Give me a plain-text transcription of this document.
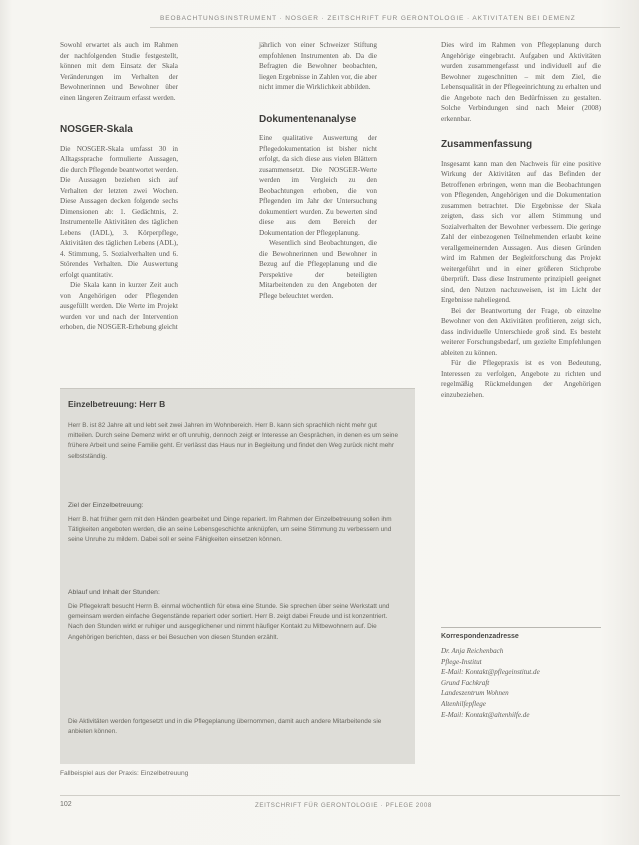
BEOBACHTUNGSINSTRUMENT · NOSGER · ZEITSCHRIFT FÜR GERONTOLOGIE · AKTIVITÄTEN BEI DEMENZ

Sowohl erwartet als auch im Rahmen der nachfolgenden Studie festgestellt, können mit dem Einsatz der Skala Veränderungen im Verhalten der Bewohnerinnen und Bewohner über einen längeren Zeitraum erfasst werden.

NOSGER-Skala

Die NOSGER-Skala umfasst 30 in Alltagssprache formulierte Aussagen, die durch Pflegende beantwortet werden. Die Aussagen beziehen sich auf Verhalten der letzten zwei Wochen. Diese Aussagen decken folgende sechs Dimensionen ab: 1. Gedächtnis, 2. Instrumentelle Aktivitäten des täglichen Lebens (IADL), 3. Körperpflege, Aktivitäten des täglichen Lebens (ADL), 4. Stimmung, 5. Sozialverhalten und 6. Störendes Verhalten. Die Auswertung erfolgt quantitativ.

Die Skala kann in kurzer Zeit auch von Angehörigen oder Pflegenden ausgefüllt werden. Die Werte im Projekt wurden vor und nach der Intervention erhoben, die NOSGER-Erhebung gleicht

jährlich von einer Schweizer Stiftung empfohlenen Instrumenten ab. Da die Befragten die Bewohner beobachten, liegen Ergebnisse in Zahlen vor, die aber nicht immer die Wirklichkeit abbilden.

Dokumentenanalyse

Eine qualitative Auswertung der Pflegedokumentation ist bisher nicht erfolgt, da sich diese aus vielen Blättern zusammensetzt. Die NOSGER-Werte werden im Vergleich zu den Beobachtungen erhoben, die von Pflegenden im Jahr der Untersuchung dokumentiert wurden. Zu bewerten sind diese aus dem Bereich der Dokumentation der Pflegeplanung.

Wesentlich sind Beobachtungen, die die Bewohnerinnen und Bewohner in Bezug auf die Pflegeplanung und die Perspektive der beteiligten Mitarbeitenden zu den Angeboten der Pflege beleuchtet werden.

Dies wird im Rahmen von Pflegeplanung durch Angehörige eingebracht. Aufgaben und Aktivitäten wurden zusammengefasst und individuell auf die Bewohner zugeschnitten – mit dem Ziel, die Lebensqualität in der Pflegeeinrichtung zu erhalten und die Angebote nach den Bedürfnissen zu gestalten. Solche Verbindungen sind nach Meier (2008) erkennbar.

Zusammenfassung

Insgesamt kann man den Nachweis für eine positive Wirkung der Aktivitäten auf das Befinden der Betroffenen erbringen, wenn man die Beobachtungen von Pflegenden, Angehörigen und die Dokumentation zusammen betrachtet. Die Ergebnisse der Skala zeigten, dass sich vor allem Stimmung und Sozialverhalten der Bewohner verbessern. Die geringe Zahl der einbezogenen Teilnehmenden erlaubt keine verallgemeinernden Aussagen. Aus diesen Gründen wird im Rahmen der Begleitforschung das Projekt weitergeführt und in einer größeren Stichprobe überprüft. Dass diese Instrumente prinzipiell geeignet sind, den Nutzen nachzuweisen, ist im Licht der Ergebnisse naheliegend.

Bei der Beantwortung der Frage, ob einzelne Bewohner von den Aktivitäten profitieren, zeigt sich, dass individuelle Unterschiede groß sind. Es besteht weiterer Forschungsbedarf, um gezielte Empfehlungen ableiten zu können.

Für die Pflegepraxis ist es von Bedeutung, Interessen zu verfolgen, Angebote zu richten und regelmäßig Rückmeldungen der Angehörigen einzubeziehen.

Korrespondenzadresse
Dr. Anja Reichenbach
Pflege-Institut
E-Mail: Kontakt@pflegeinstitut.de
Grund Fachkraft
Landeszentrum Wohnen
Altenhilfepflege
E-Mail: Kontakt@altenhilfe.de
Einzelbetreuung: Herr B
Herr B. ist 82 Jahre alt und lebt seit zwei Jahren im Wohnbereich. Herr B. kann sich sprachlich nicht mehr gut mitteilen. Durch seine Demenz wirkt er oft unruhig, dennoch zeigt er Interesse an Gesprächen, in denen es um seine frühere Arbeit und seine Familie geht. Er verlässt das Haus nur in Begleitung und findet den Weg zurück nicht mehr selbstständig.
Ziel der Einzelbetreuung:
Herr B. hat früher gern mit den Händen gearbeitet und Dinge repariert. Im Rahmen der Einzelbetreuung sollen ihm Tätigkeiten angeboten werden, die an seine Lebensgeschichte anknüpfen, um seine Stimmung zu verbessern und seine Unruhe zu mildern. Dabei soll er seine Fähigkeiten einsetzen können.
Ablauf und Inhalt der Stunden:
Die Pflegekraft besucht Herrn B. einmal wöchentlich für etwa eine Stunde. Sie sprechen über seine Werkstatt und gemeinsam werden einfache Gegenstände repariert oder sortiert. Herr B. zeigt dabei Freude und ist konzentriert. Nach den Stunden wirkt er ruhiger und ausgeglichener und nimmt häufiger Kontakt zu Mitbewohnern auf. Die Angehörigen berichten, dass er bei Besuchen von diesen Stunden erzählt.
Die Aktivitäten werden fortgesetzt und in die Pflegeplanung übernommen, damit auch andere Mitarbeitende sie anbieten können.
Fallbeispiel aus der Praxis: Einzelbetreuung
102	ZEITSCHRIFT FÜR GERONTOLOGIE · PFLEGE 2008
